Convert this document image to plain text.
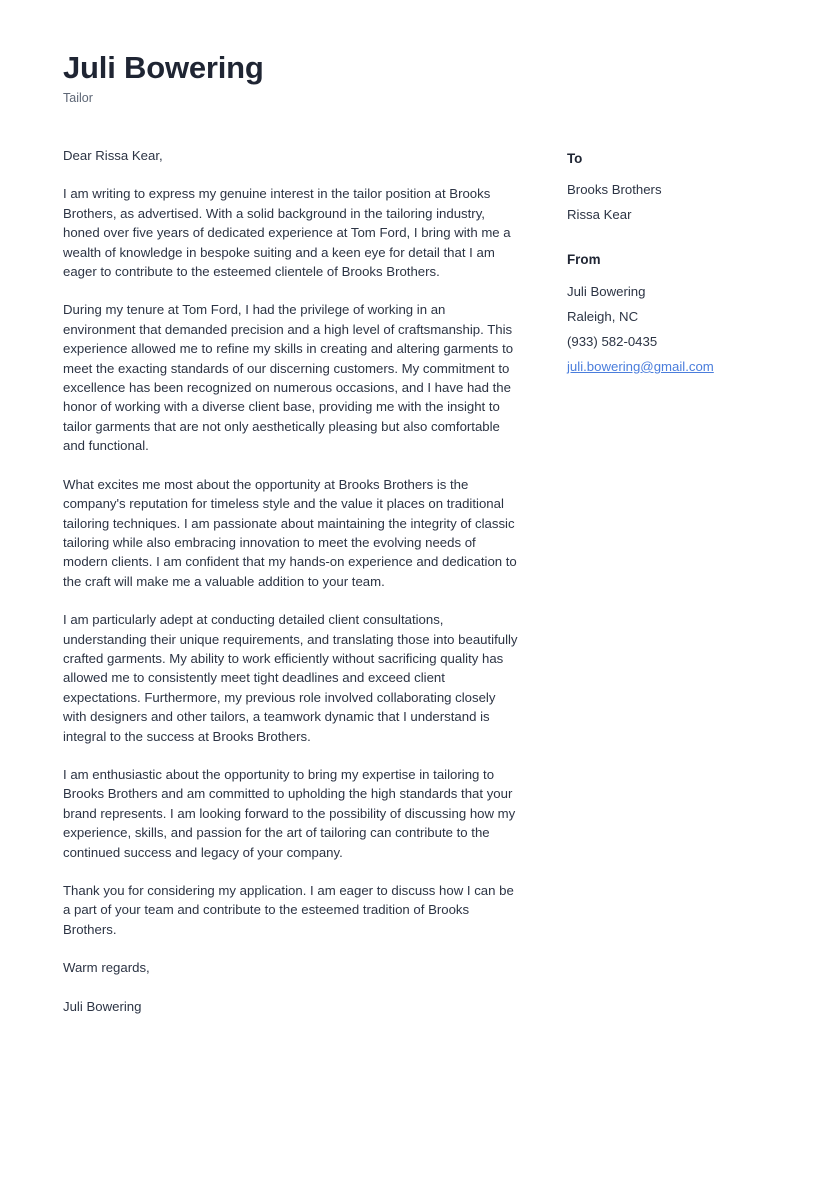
Juli Bowering
Tailor
Dear Rissa Kear,
I am writing to express my genuine interest in the tailor position at Brooks Brothers, as advertised. With a solid background in the tailoring industry, honed over five years of dedicated experience at Tom Ford, I bring with me a wealth of knowledge in bespoke suiting and a keen eye for detail that I am eager to contribute to the esteemed clientele of Brooks Brothers.
During my tenure at Tom Ford, I had the privilege of working in an environment that demanded precision and a high level of craftsmanship. This experience allowed me to refine my skills in creating and altering garments to meet the exacting standards of our discerning customers. My commitment to excellence has been recognized on numerous occasions, and I have had the honor of working with a diverse client base, providing me with the insight to tailor garments that are not only aesthetically pleasing but also comfortable and functional.
What excites me most about the opportunity at Brooks Brothers is the company's reputation for timeless style and the value it places on traditional tailoring techniques. I am passionate about maintaining the integrity of classic tailoring while also embracing innovation to meet the evolving needs of modern clients. I am confident that my hands-on experience and dedication to the craft will make me a valuable addition to your team.
I am particularly adept at conducting detailed client consultations, understanding their unique requirements, and translating those into beautifully crafted garments. My ability to work efficiently without sacrificing quality has allowed me to consistently meet tight deadlines and exceed client expectations. Furthermore, my previous role involved collaborating closely with designers and other tailors, a teamwork dynamic that I understand is integral to the success at Brooks Brothers.
I am enthusiastic about the opportunity to bring my expertise in tailoring to Brooks Brothers and am committed to upholding the high standards that your brand represents. I am looking forward to the possibility of discussing how my experience, skills, and passion for the art of tailoring can contribute to the continued success and legacy of your company.
Thank you for considering my application. I am eager to discuss how I can be a part of your team and contribute to the esteemed tradition of Brooks Brothers.
Warm regards,
Juli Bowering
To
Brooks Brothers
Rissa Kear
From
Juli Bowering
Raleigh, NC
(933) 582-0435
juli.bowering@gmail.com
